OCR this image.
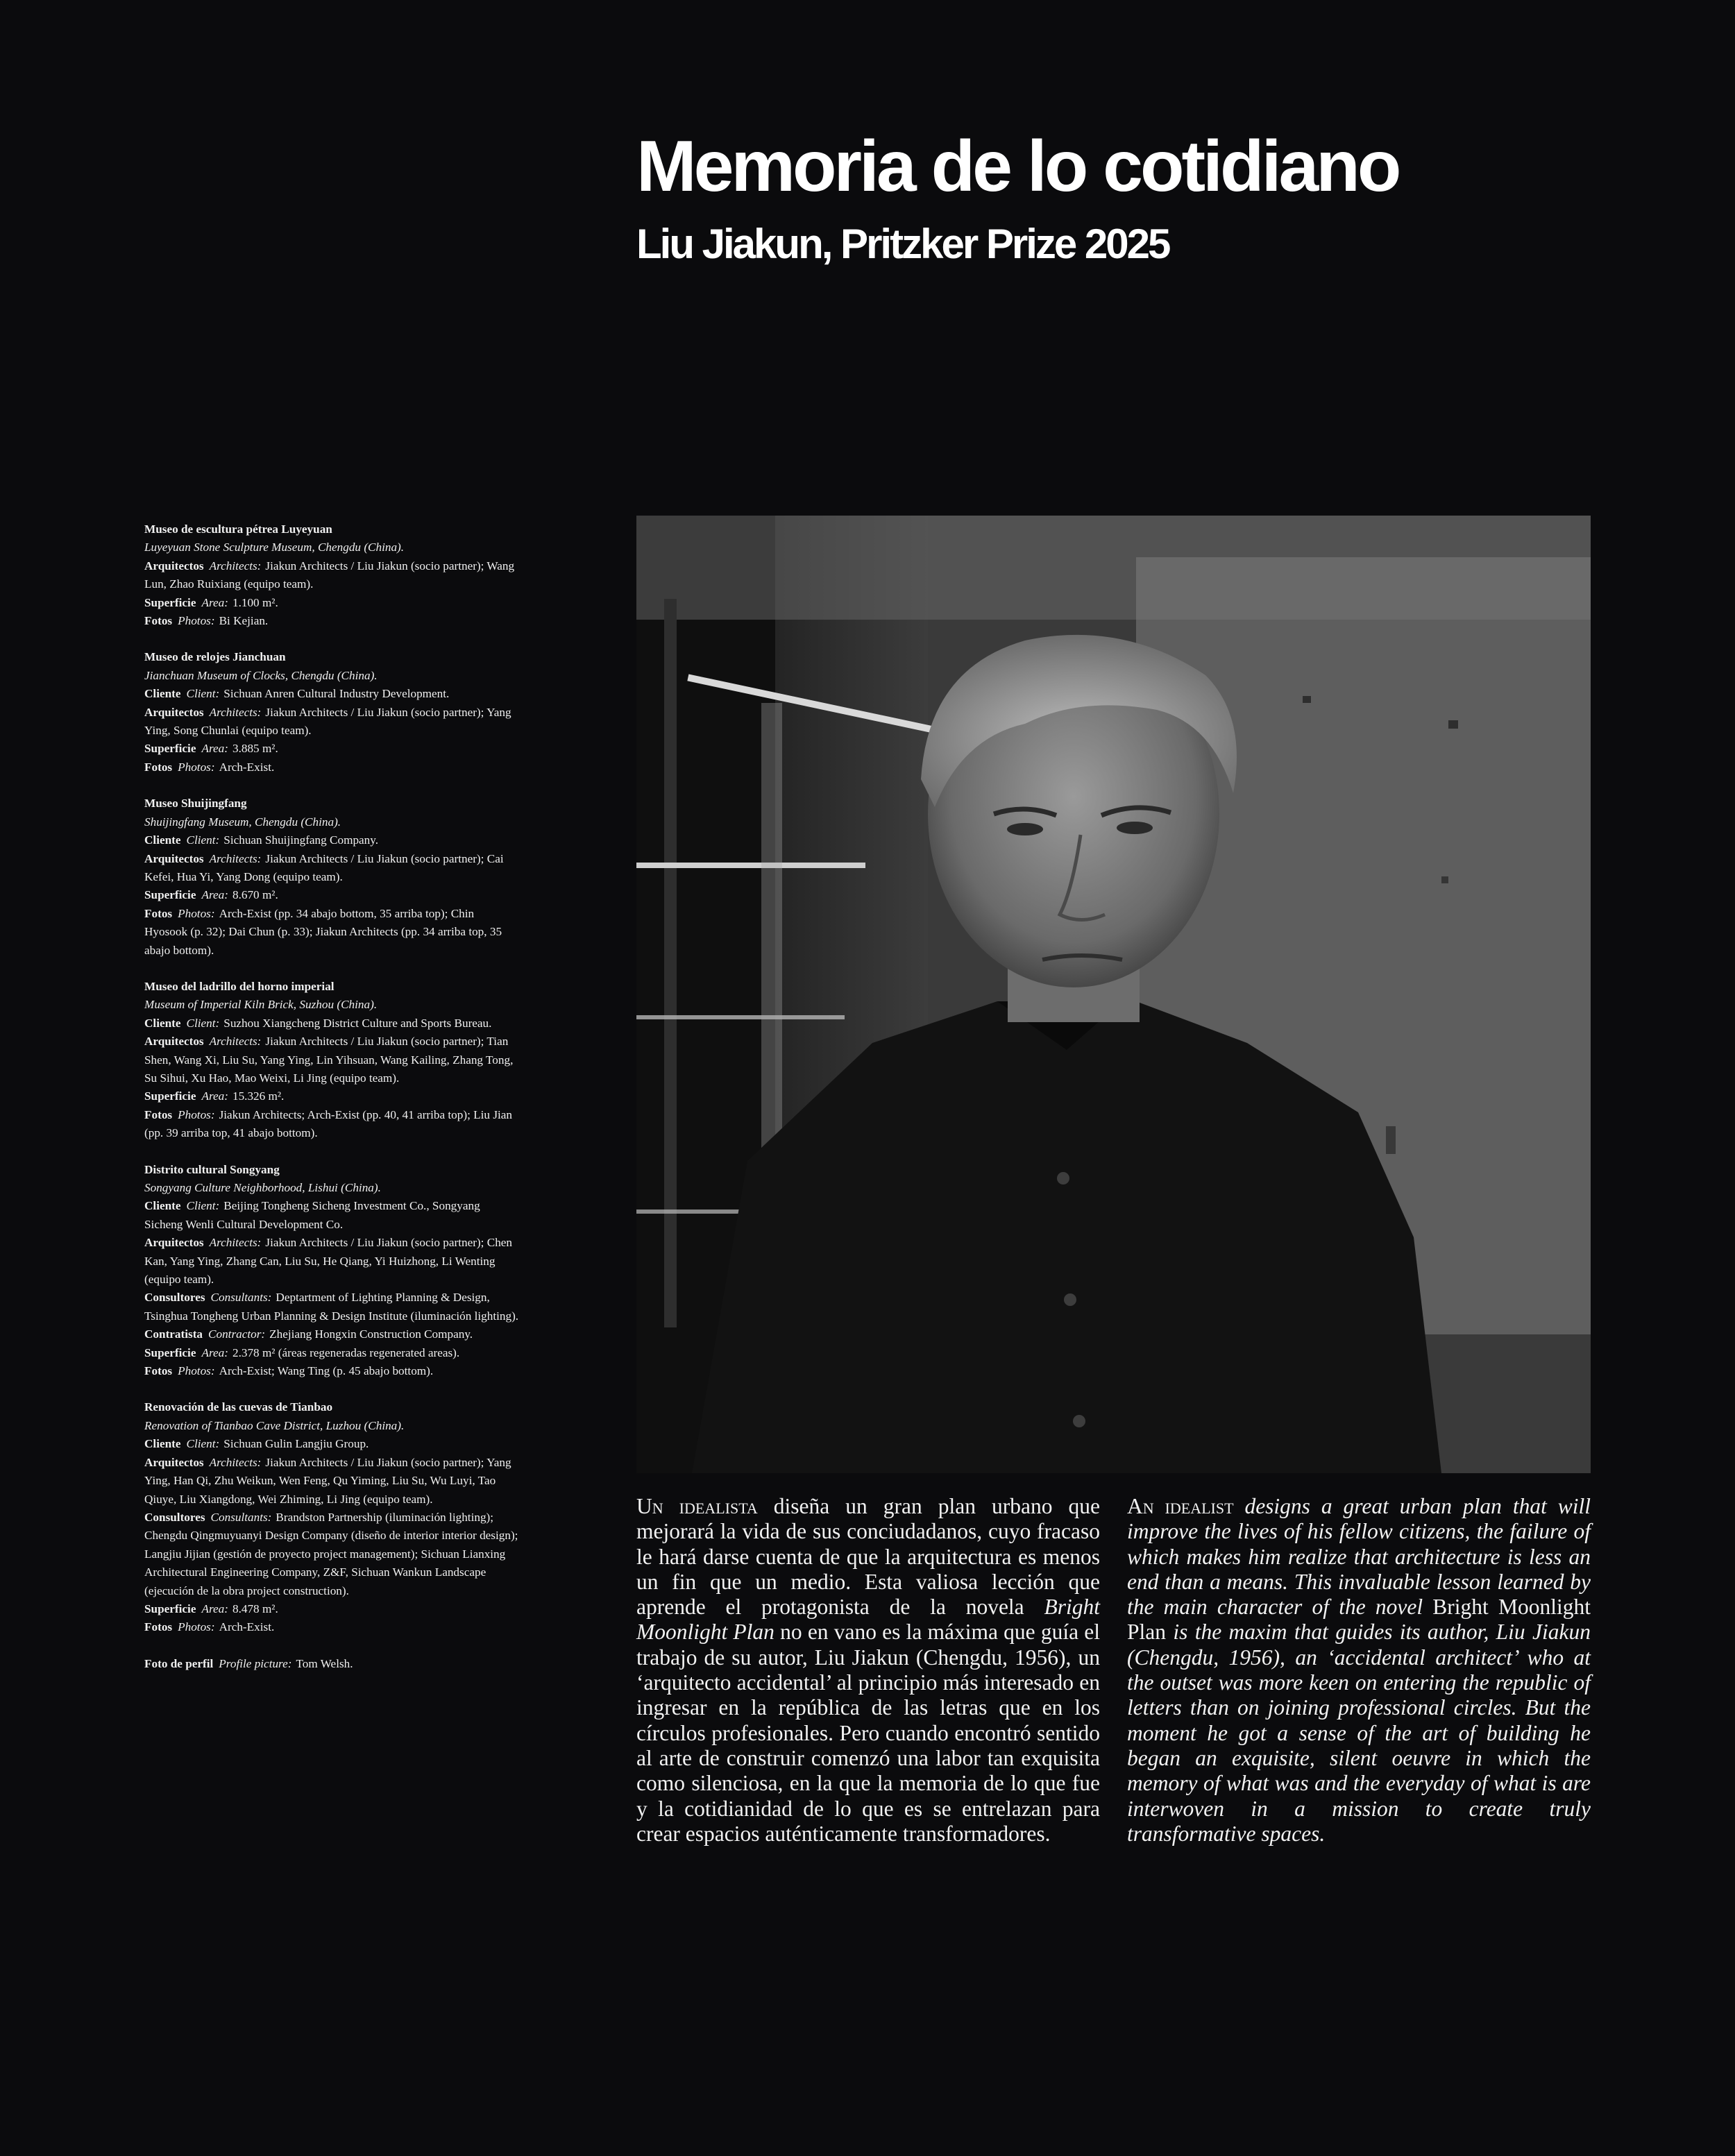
Memoria de lo cotidiano
Liu Jiakun, Pritzker Prize 2025
Museo de escultura pétrea Luyeyuan
Luyeyuan Stone Sculpture Museum, Chengdu (China).
Arquitectos Architects: Jiakun Architects / Liu Jiakun (socio partner); Wang Lun, Zhao Ruixiang (equipo team).
Superficie Area: 1.100 m².
Fotos Photos: Bi Kejian.
Museo de relojes Jianchuan
Jianchuan Museum of Clocks, Chengdu (China).
Cliente Client: Sichuan Anren Cultural Industry Development.
Arquitectos Architects: Jiakun Architects / Liu Jiakun (socio partner); Yang Ying, Song Chunlai (equipo team).
Superficie Area: 3.885 m².
Fotos Photos: Arch-Exist.
Museo Shuijingfang
Shuijingfang Museum, Chengdu (China).
Cliente Client: Sichuan Shuijingfang Company.
Arquitectos Architects: Jiakun Architects / Liu Jiakun (socio partner); Cai Kefei, Hua Yi, Yang Dong (equipo team).
Superficie Area: 8.670 m².
Fotos Photos: Arch-Exist (pp. 34 abajo bottom, 35 arriba top); Chin Hyosook (p. 32); Dai Chun (p. 33); Jiakun Architects (pp. 34 arriba top, 35 abajo bottom).
Museo del ladrillo del horno imperial
Museum of Imperial Kiln Brick, Suzhou (China).
Cliente Client: Suzhou Xiangcheng District Culture and Sports Bureau.
Arquitectos Architects: Jiakun Architects / Liu Jiakun (socio partner); Tian Shen, Wang Xi, Liu Su, Yang Ying, Lin Yihsuan, Wang Kailing, Zhang Tong, Su Sihui, Xu Hao, Mao Weixi, Li Jing (equipo team).
Superficie Area: 15.326 m².
Fotos Photos: Jiakun Architects; Arch-Exist (pp. 40, 41 arriba top); Liu Jian (pp. 39 arriba top, 41 abajo bottom).
Distrito cultural Songyang
Songyang Culture Neighborhood, Lishui (China).
Cliente Client: Beijing Tongheng Sicheng Investment Co., Songyang Sicheng Wenli Cultural Development Co.
Arquitectos Architects: Jiakun Architects / Liu Jiakun (socio partner); Chen Kan, Yang Ying, Zhang Can, Liu Su, He Qiang, Yi Huizhong, Li Wenting (equipo team).
Consultores Consultants: Deptartment of Lighting Planning & Design, Tsinghua Tongheng Urban Planning & Design Institute (iluminación lighting).
Contratista Contractor: Zhejiang Hongxin Construction Company.
Superficie Area: 2.378 m² (áreas regeneradas regenerated areas).
Fotos Photos: Arch-Exist; Wang Ting (p. 45 abajo bottom).
Renovación de las cuevas de Tianbao
Renovation of Tianbao Cave District, Luzhou (China).
Cliente Client: Sichuan Gulin Langjiu Group.
Arquitectos Architects: Jiakun Architects / Liu Jiakun (socio partner); Yang Ying, Han Qi, Zhu Weikun, Wen Feng, Qu Yiming, Liu Su, Wu Luyi, Tao Qiuye, Liu Xiangdong, Wei Zhiming, Li Jing (equipo team).
Consultores Consultants: Brandston Partnership (iluminación lighting); Chengdu Qingmuyuanyi Design Company (diseño de interior interior design); Langjiu Jijian (gestión de proyecto project management); Sichuan Lianxing Architectural Engineering Company, Z&F, Sichuan Wankun Landscape (ejecución de la obra project construction).
Superficie Area: 8.478 m².
Fotos Photos: Arch-Exist.
Foto de perfil Profile picture: Tom Welsh.

Un idealista diseña un gran plan urbano que mejorará la vida de sus conciudadanos, cuyo fracaso le hará darse cuenta de que la arquitectura es menos un fin que un medio. Esta valiosa lección que aprende el protagonista de la novela Bright Moonlight Plan no en vano es la máxima que guía el trabajo de su autor, Liu Jiakun (Chengdu, 1956), un ‘arquitecto accidental’ al principio más interesado en ingresar en la república de las letras que en los círculos profesionales. Pero cuando encontró sentido al arte de construir comenzó una labor tan exquisita como silenciosa, en la que la memoria de lo que fue y la cotidianidad de lo que es se entrelazan para crear espacios auténticamente transformadores.

An idealist designs a great urban plan that will improve the lives of his fellow citizens, the failure of which makes him realize that architecture is less an end than a means. This invaluable lesson learned by the main character of the novel Bright Moonlight Plan is the maxim that guides its author, Liu Jiakun (Chengdu, 1956), an ‘accidental architect’ who at the outset was more keen on entering the republic of letters than on joining professional circles. But the moment he got a sense of the art of building he began an exquisite, silent oeuvre in which the memory of what was and the everyday of what is are interwoven in a mission to create truly transformative spaces.
